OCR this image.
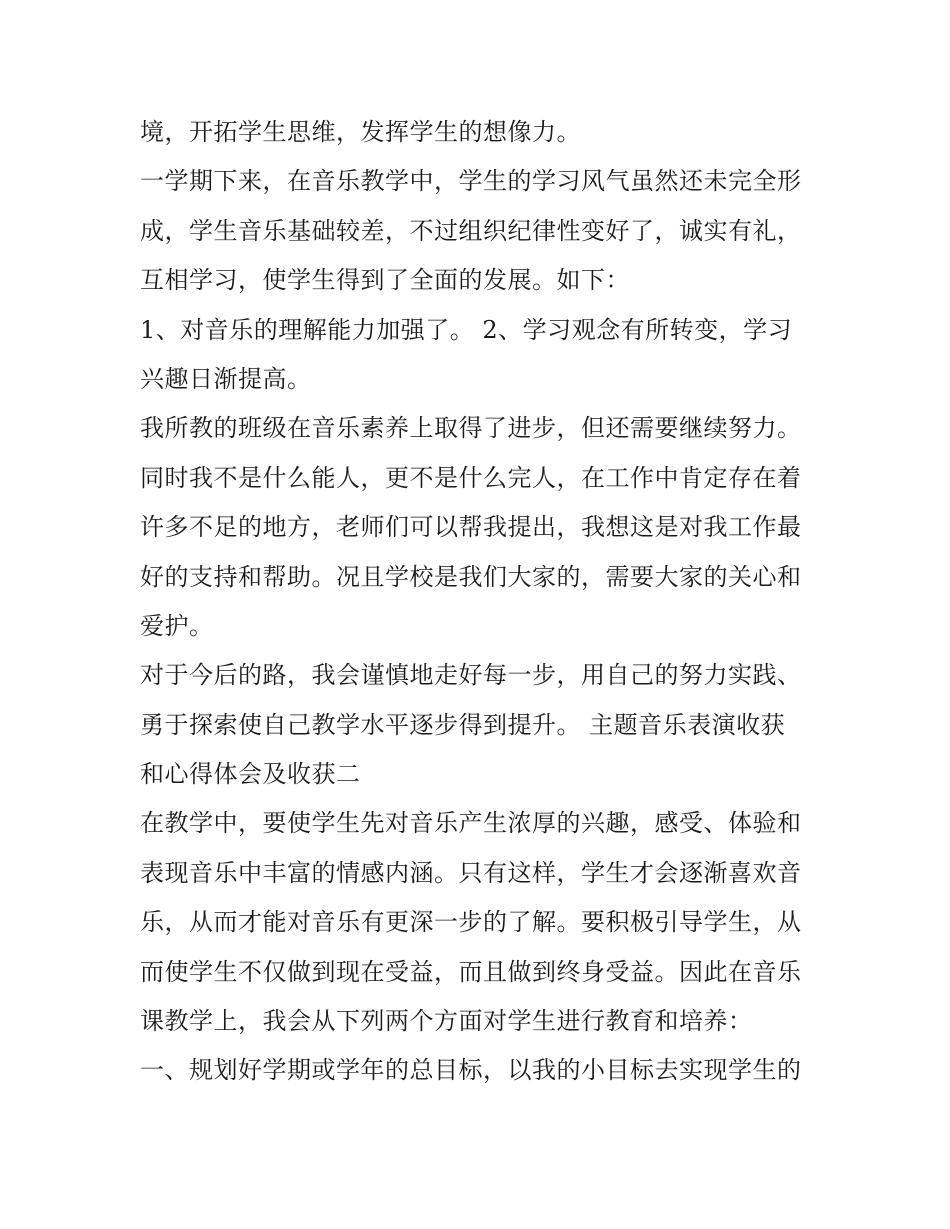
境，开拓学生思维，发挥学生的想像力。
一学期下来，在音乐教学中，学生的学习风气虽然还未完全形
成，学生音乐基础较差，不过组织纪律性变好了，诚实有礼，
互相学习，使学生得到了全面的发展。如下：
1、对音乐的理解能力加强了。 2、学习观念有所转变，学习
兴趣日渐提高。
我所教的班级在音乐素养上取得了进步，但还需要继续努力。
同时我不是什么能人，更不是什么完人，在工作中肯定存在着
许多不足的地方，老师们可以帮我提出，我想这是对我工作最
好的支持和帮助。况且学校是我们大家的，需要大家的关心和
爱护。
对于今后的路，我会谨慎地走好每一步，用自己的努力实践、
勇于探索使自己教学水平逐步得到提升。 主题音乐表演收获
和心得体会及收获二
在教学中，要使学生先对音乐产生浓厚的兴趣，感受、体验和
表现音乐中丰富的情感内涵。只有这样，学生才会逐渐喜欢音
乐，从而才能对音乐有更深一步的了解。要积极引导学生，从
而使学生不仅做到现在受益，而且做到终身受益。因此在音乐
课教学上，我会从下列两个方面对学生进行教育和培养：
一、规划好学期或学年的总目标，以我的小目标去实现学生的
